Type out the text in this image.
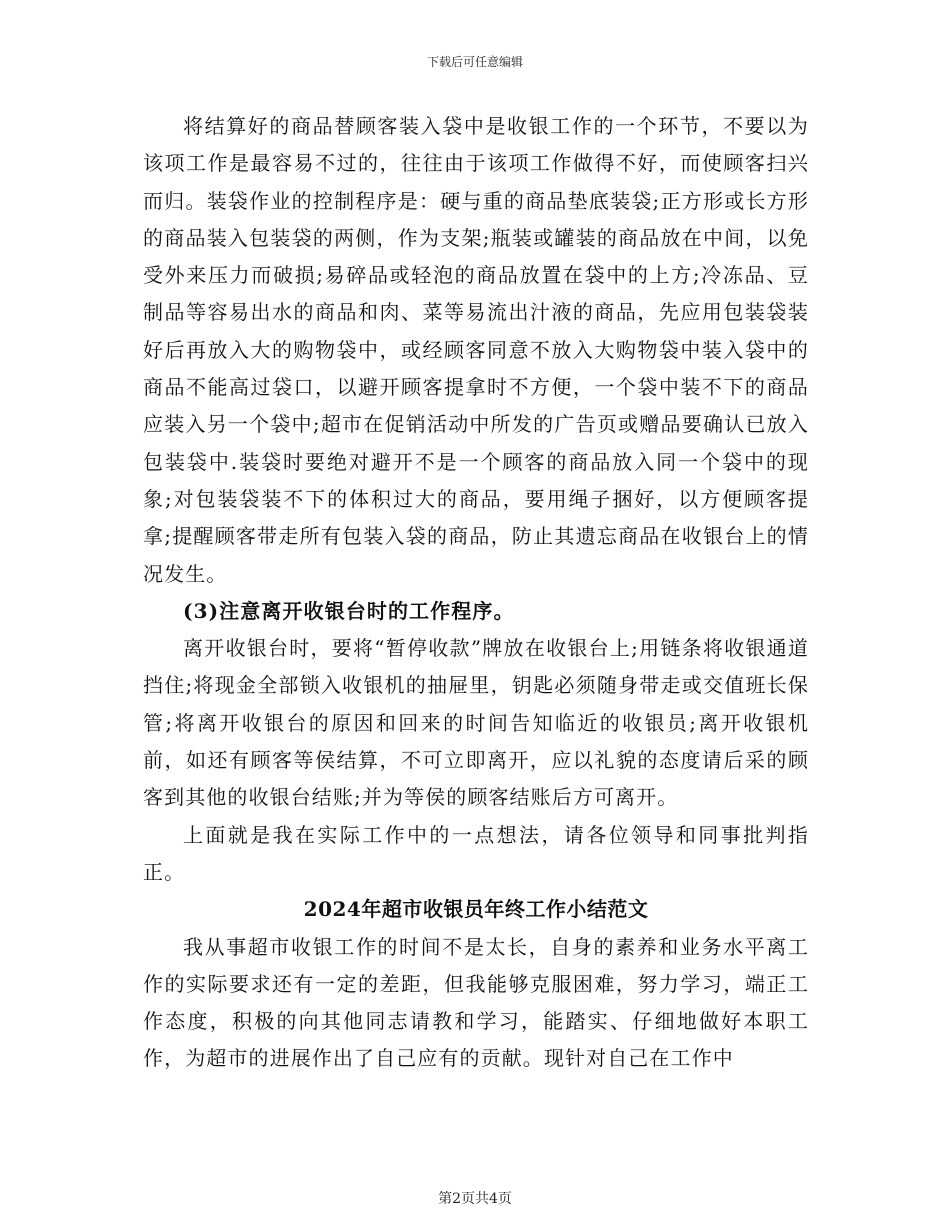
下载后可任意编辑

将结算好的商品替顾客装入袋中是收银工作的一个环节，不要以为该项工作是最容易不过的，往往由于该项工作做得不好，而使顾客扫兴而归。装袋作业的控制程序是：硬与重的商品垫底装袋;正方形或长方形的商品装入包装袋的两侧，作为支架;瓶装或罐装的商品放在中间，以免受外来压力而破损;易碎品或轻泡的商品放置在袋中的上方;冷冻品、豆制品等容易出水的商品和肉、菜等易流出汁液的商品，先应用包装袋装好后再放入大的购物袋中，或经顾客同意不放入大购物袋中装入袋中的商品不能高过袋口，以避开顾客提拿时不方便，一个袋中装不下的商品应装入另一个袋中;超市在促销活动中所发的广告页或赠品要确认已放入包装袋中.装袋时要绝对避开不是一个顾客的商品放入同一个袋中的现象;对包装袋装不下的体积过大的商品，要用绳子捆好，以方便顾客提拿;提醒顾客带走所有包装入袋的商品，防止其遗忘商品在收银台上的情况发生。

(3)注意离开收银台时的工作程序。

离开收银台时，要将“暂停收款”牌放在收银台上;用链条将收银通道挡住;将现金全部锁入收银机的抽屉里，钥匙必须随身带走或交值班长保管;将离开收银台的原因和回来的时间告知临近的收银员;离开收银机前，如还有顾客等侯结算，不可立即离开，应以礼貌的态度请后采的顾客到其他的收银台结账;并为等侯的顾客结账后方可离开。

上面就是我在实际工作中的一点想法，请各位领导和同事批判指正。

2024年超市收银员年终工作小结范文

我从事超市收银工作的时间不是太长，自身的素养和业务水平离工作的实际要求还有一定的差距，但我能够克服困难，努力学习，端正工作态度，积极的向其他同志请教和学习，能踏实、仔细地做好本职工作，为超市的进展作出了自己应有的贡献。现针对自己在工作中

第2页共4页
